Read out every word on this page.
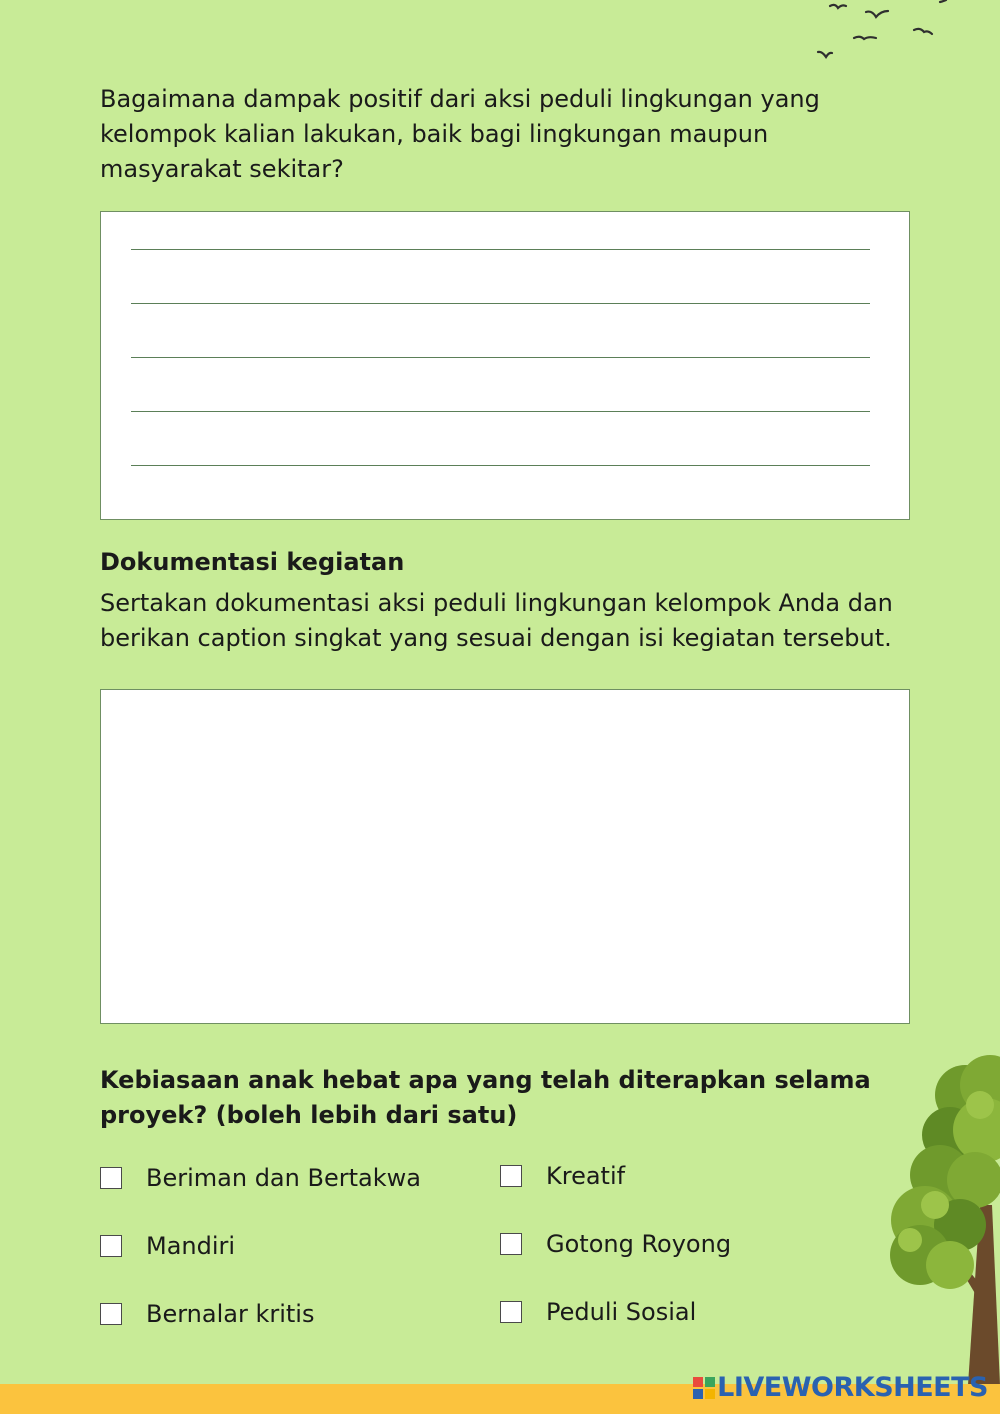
Bagaimana dampak positif dari aksi peduli lingkungan yang kelompok kalian lakukan, baik bagi lingkungan maupun masyarakat sekitar?

Dokumentasi kegiatan

Sertakan dokumentasi aksi peduli lingkungan kelompok Anda dan berikan caption singkat yang sesuai dengan isi kegiatan tersebut.

Kebiasaan anak hebat apa yang telah diterapkan selama proyek? (boleh lebih dari satu)

Beriman dan Bertakwa	Kreatif
Mandiri	Gotong Royong
Bernalar kritis	Peduli Sosial
LIVEWORKSHEETS
